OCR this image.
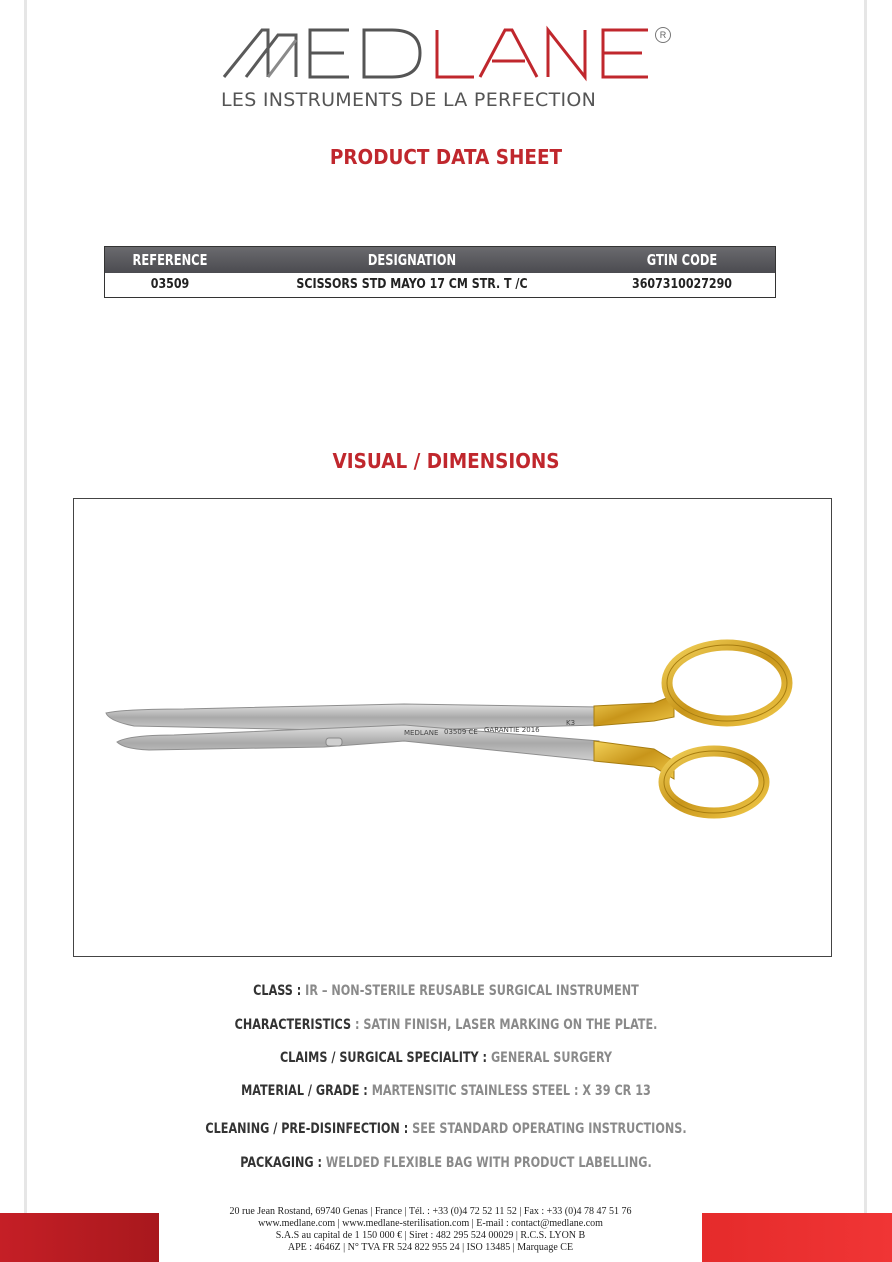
R
LES INSTRUMENTS DE LA PERFECTION
PRODUCT DATA SHEET
REFERENCE	DESIGNATION	GTIN CODE
03509	SCISSORS STD MAYO 17 CM STR. T /C	3607310027290
VISUAL / DIMENSIONS
MEDLANE 03509 CE GARANTIE 2016
K3
CLASS : IR – NON-STERILE REUSABLE SURGICAL INSTRUMENT
CHARACTERISTICS : SATIN FINISH, LASER MARKING ON THE PLATE.
CLAIMS / SURGICAL SPECIALITY : GENERAL SURGERY
MATERIAL / GRADE : MARTENSITIC STAINLESS STEEL : X 39 CR 13
CLEANING / PRE-DISINFECTION : SEE STANDARD OPERATING INSTRUCTIONS.
PACKAGING : WELDED FLEXIBLE BAG WITH PRODUCT LABELLING.
20 rue Jean Rostand, 69740 Genas | France | Tél. : +33 (0)4 72 52 11 52 | Fax : +33 (0)4 78 47 51 76
www.medlane.com | www.medlane-sterilisation.com | E-mail : contact@medlane.com
S.A.S au capital de 1 150 000 € | Siret : 482 295 524 00029 | R.C.S. LYON B
APE : 4646Z | N° TVA FR 524 822 955 24 | ISO 13485 | Marquage CE
